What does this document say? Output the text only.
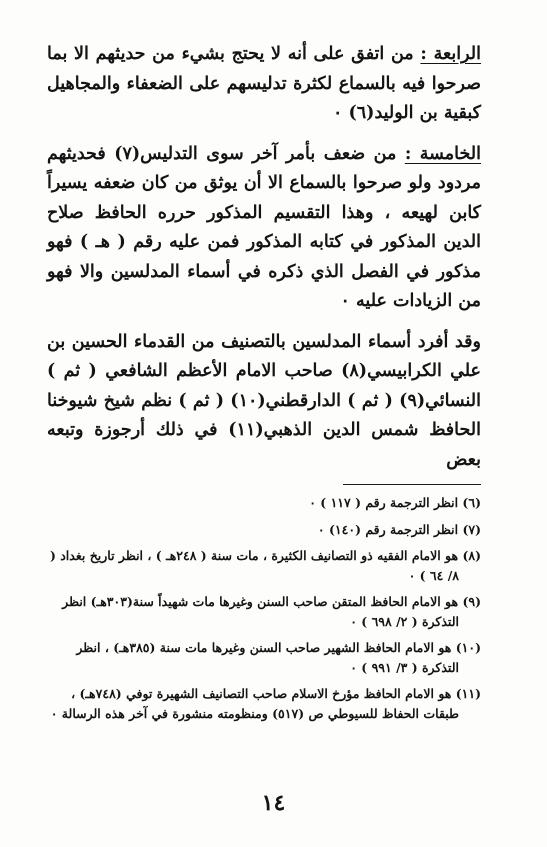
الرابعة : من اتفق على أنه لا يحتج بشيء من حديثهم الا بما صرحوا فيه بالسماع لكثرة تدليسهم على الضعفاء والمجاهيل كبقية بن الوليد(٦) ٠

الخامسة : من ضعف بأمر آخر سوى التدليس(٧) فحديثهم مردود ولو صرحوا بالسماع الا أن يوثق من كان ضعفه يسيراً كابن لهيعه ، وهذا التقسيم المذكور حرره الحافظ صلاح الدين المذكور في كتابه المذكور فمن عليه رقم ( هـ ) فهو مذكور في الفصل الذي ذكره في أسماء المدلسين والا فهو من الزيادات عليه ٠

وقد أفرد أسماء المدلسين بالتصنيف من القدماء الحسين بن علي الكرابيسي(٨) صاحب الامام الأعظم الشافعي ( ثم ) النسائي(٩) ( ثم ) الدارقطني(١٠) ( ثم ) نظم شيخ شيوخنا الحافظ شمس الدين الذهبي(١١) في ذلك أرجوزة وتبعه بعض

(٦) انظر الترجمة رقم ( ١١٧ ) ٠

(٧) انظر الترجمة رقم (١٤٠) ٠

(٨) هو الامام الفقيه ذو التصانيف الكثيرة ، مات سنة ( ٢٤٨هـ ) ، انظر تاريخ بغداد ( ٨/ ٦٤ ) ٠

(٩) هو الامام الحافظ المتقن صاحب السنن وغيرها مات شهيداً سنة(٣٠٣هـ) انظر التذكرة ( ٢/ ٦٩٨ ) ٠

(١٠) هو الامام الحافظ الشهير صاحب السنن وغيرها مات سنة (٣٨٥هـ) ، انظر التذكرة ( ٣/ ٩٩١ ) ٠

(١١) هو الامام الحافظ مؤرخ الاسلام صاحب التصانيف الشهيرة توفي (٧٤٨هـ) ، طبقات الحفاظ للسيوطي ص (٥١٧) ومنظومته منشورة في آخر هذه الرسالة ٠

١٤
